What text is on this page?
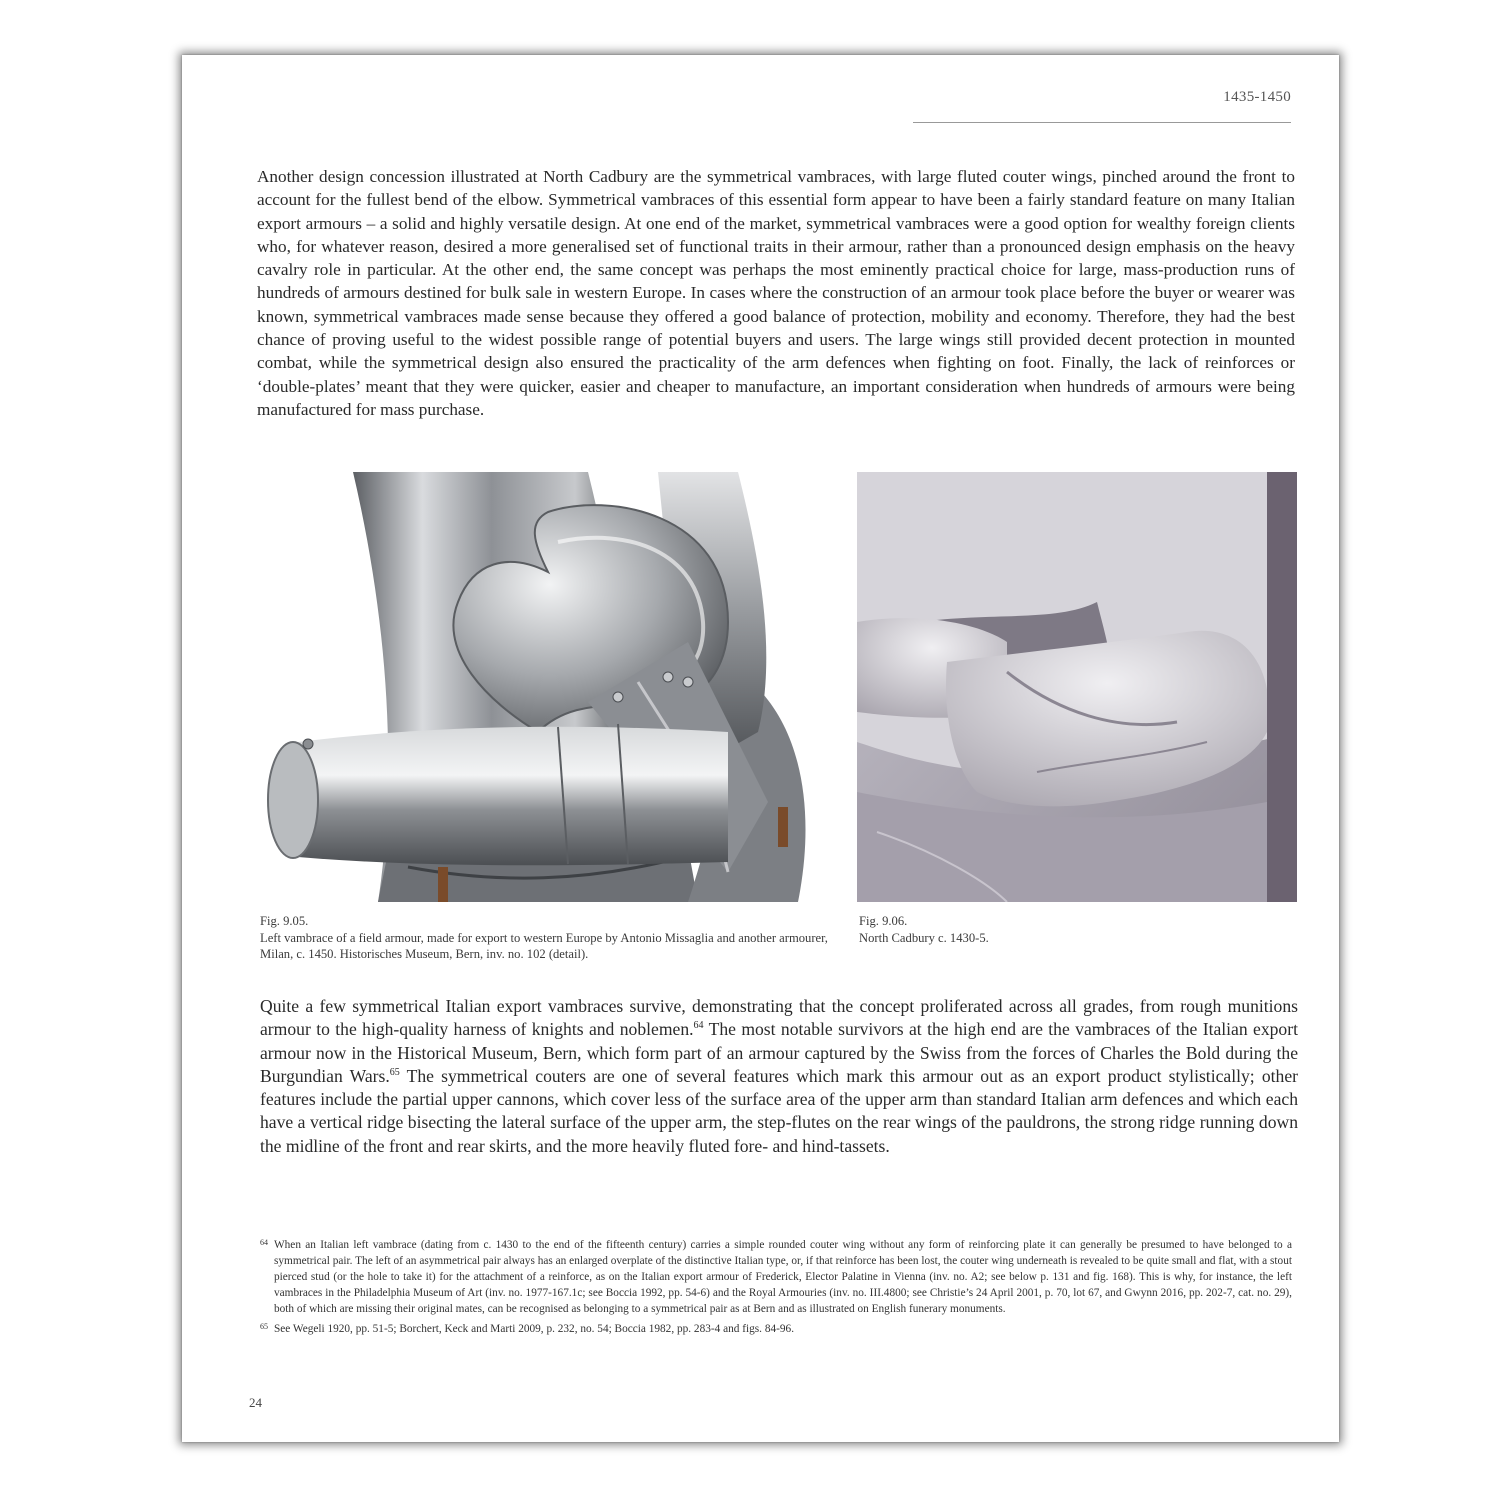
1435-1450

Another design concession illustrated at North Cadbury are the symmetrical vambraces, with large fluted couter wings, pinched around the front to account for the fullest bend of the elbow. Symmetrical vambraces of this essential form appear to have been a fairly standard feature on many Italian export armours – a solid and highly versatile design. At one end of the market, symmetrical vambraces were a good option for wealthy foreign clients who, for whatever reason, desired a more generalised set of functional traits in their armour, rather than a pronounced design emphasis on the heavy cavalry role in particular. At the other end, the same concept was perhaps the most eminently practical choice for large, mass-production runs of hundreds of armours destined for bulk sale in western Europe. In cases where the construction of an armour took place before the buyer or wearer was known, symmetrical vambraces made sense because they offered a good balance of protection, mobility and economy. Therefore, they had the best chance of proving useful to the widest possible range of potential buyers and users. The large wings still provided decent protection in mounted combat, while the symmetrical design also ensured the practicality of the arm defences when fighting on foot. Finally, the lack of reinforces or ‘double-plates’ meant that they were quicker, easier and cheaper to manufacture, an important consideration when hundreds of armours were being manufactured for mass purchase.

Fig. 9.05.
Left vambrace of a field armour, made for export to western Europe by Antonio Missaglia and another armourer, Milan, c. 1450. Historisches Museum, Bern, inv. no. 102 (detail).
Fig. 9.06.
North Cadbury c. 1430-5.

Quite a few symmetrical Italian export vambraces survive, demonstrating that the concept proliferated across all grades, from rough munitions armour to the high-quality harness of knights and noblemen.$^{64}$ The most notable survivors at the high end are the vambraces of the Italian export armour now in the Historical Museum, Bern, which form part of an armour captured by the Swiss from the forces of Charles the Bold during the Burgundian Wars.$^{65}$ The symmetrical couters are one of several features which mark this armour out as an export product stylistically; other features include the partial upper cannons, which cover less of the surface area of the upper arm than standard Italian arm defences and which each have a vertical ridge bisecting the lateral surface of the upper arm, the step-flutes on the rear wings of the pauldrons, the strong ridge running down the midline of the front and rear skirts, and the more heavily fluted fore- and hind-tassets.

64 When an Italian left vambrace (dating from c. 1430 to the end of the fifteenth century) carries a simple rounded couter wing without any form of reinforcing plate it can generally be presumed to have belonged to a symmetrical pair. The left of an asymmetrical pair always has an enlarged overplate of the distinctive Italian type, or, if that reinforce has been lost, the couter wing underneath is revealed to be quite small and flat, with a stout pierced stud (or the hole to take it) for the attachment of a reinforce, as on the Italian export armour of Frederick, Elector Palatine in Vienna (inv. no. A2; see below p. 131 and fig. 168). This is why, for instance, the left vambraces in the Philadelphia Museum of Art (inv. no. 1977-167.1c; see Boccia 1992, pp. 54-6) and the Royal Armouries (inv. no. III.4800; see Christie’s 24 April 2001, p. 70, lot 67, and Gwynn 2016, pp. 202-7, cat. no. 29), both of which are missing their original mates, can be recognised as belonging to a symmetrical pair as at Bern and as illustrated on English funerary monuments.
65 See Wegeli 1920, pp. 51-5; Borchert, Keck and Marti 2009, p. 232, no. 54; Boccia 1982, pp. 283-4 and figs. 84-96.
24
